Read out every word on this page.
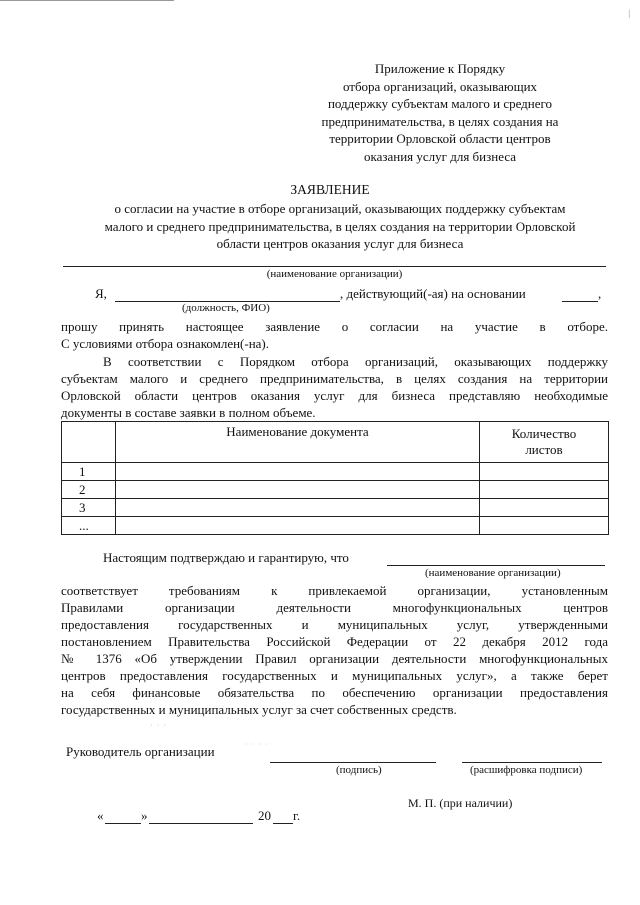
|
Приложение к Порядку
отбора организаций, оказывающих
поддержку субъектам малого и среднего
предпринимательства, в целях создания на
территории Орловской области центров
оказания услуг для бизнеса
ЗАЯВЛЕНИЕ
о согласии на участие в отборе организаций, оказывающих поддержку субъектам
малого и среднего предпринимательства, в целях создания на территории Орловской
области центров оказания услуг для бизнеса
(наименование организации)
Я,	, действующий(-ая) на основании	,
(должность, ФИО)
прошу принять настоящее заявление о согласии на участие в отборе.
С условиями отбора ознакомлен(-на).
В соответствии с Порядком отбора организаций, оказывающих поддержку
субъектам малого и среднего предпринимательства, в целях создания на территории
Орловской области центров оказания услуг для бизнеса представляю необходимые
документы в составе заявки в полном объеме.
	Наименование документа	Количество
листов

1		
2		
3		
...		
Настоящим подтверждаю и гарантирую, что
(наименование организации)
соответствует требованиям к привлекаемой организации, установленным
Правилами организации деятельности многофункциональных центров
предоставления государственных и муниципальных услуг, утвержденными
постановлением Правительства Российской Федерации от 22 декабря 2012 года
№ 1376 «Об утверждении Правил организации деятельности многофункциональных
центров предоставления государственных и муниципальных услуг», а также берет
на себя финансовые обязательства по обеспечению организации предоставления
государственных и муниципальных услуг за счет собственных средств.
· · ·
· · · ·
Руководитель организации
(подпись)	(расшифровка подписи)
М. П. (при наличии)
«	»	20 г.
